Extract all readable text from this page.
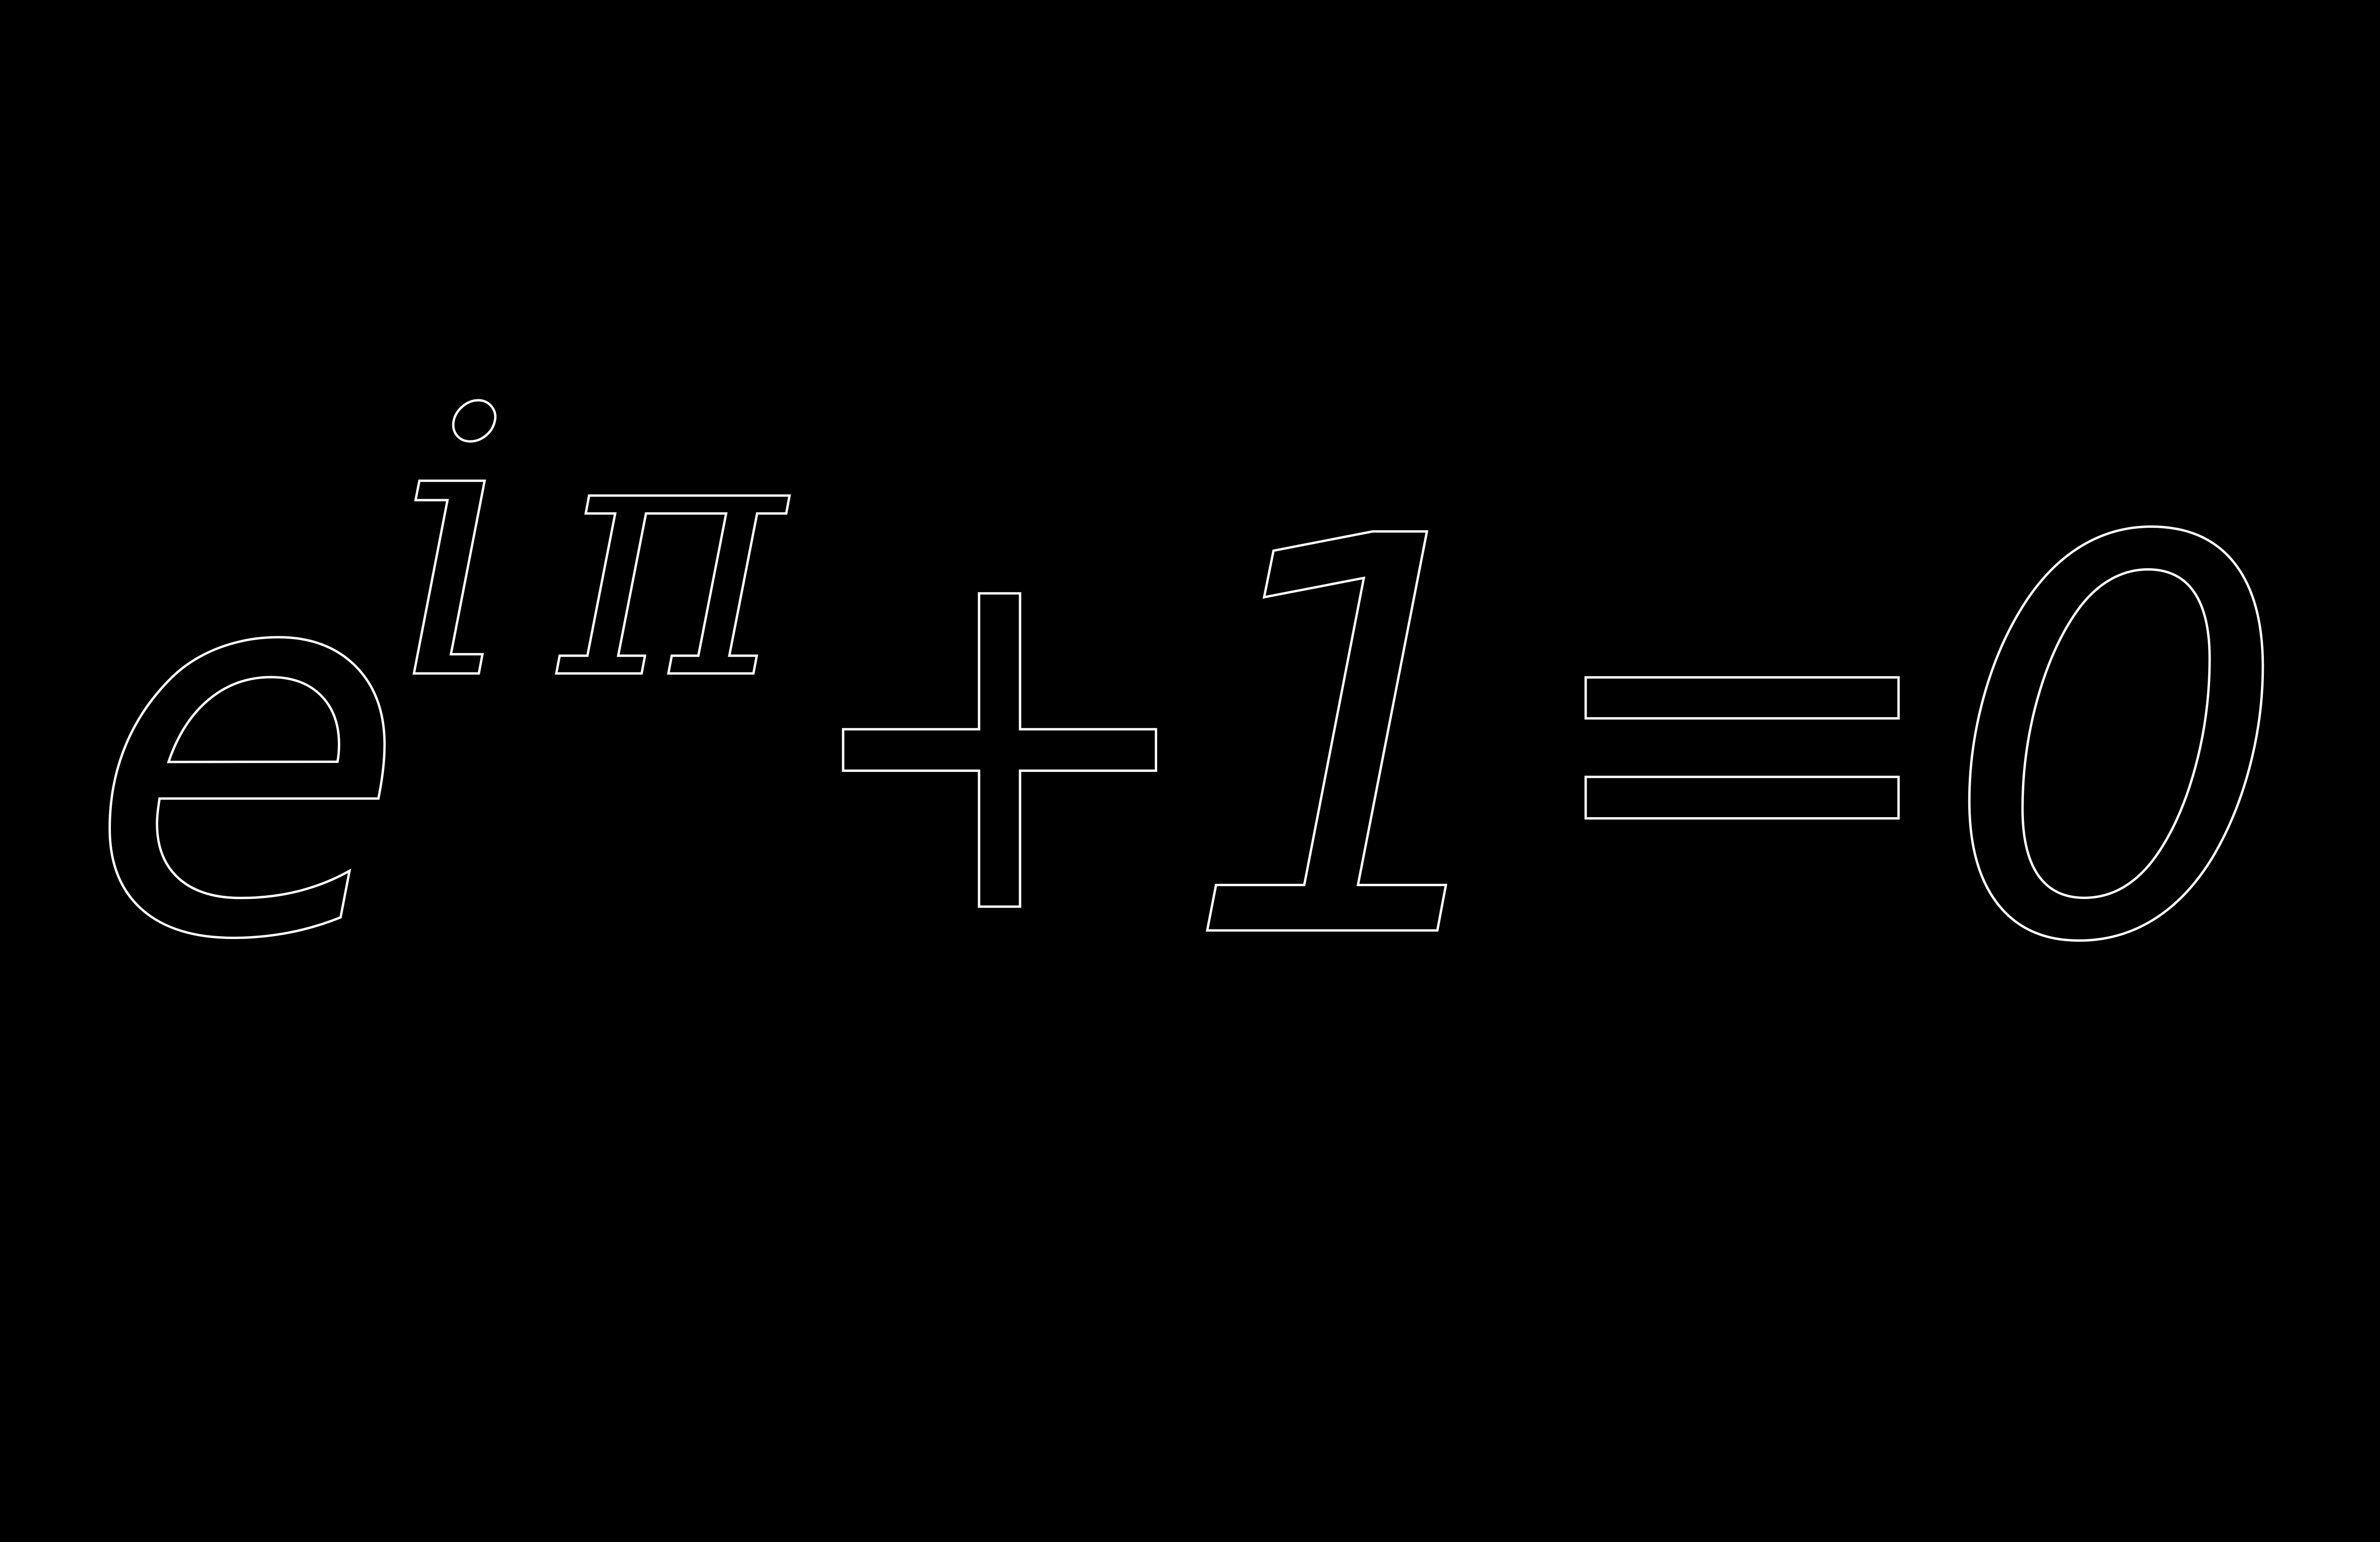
e
i π +
1 =
0
